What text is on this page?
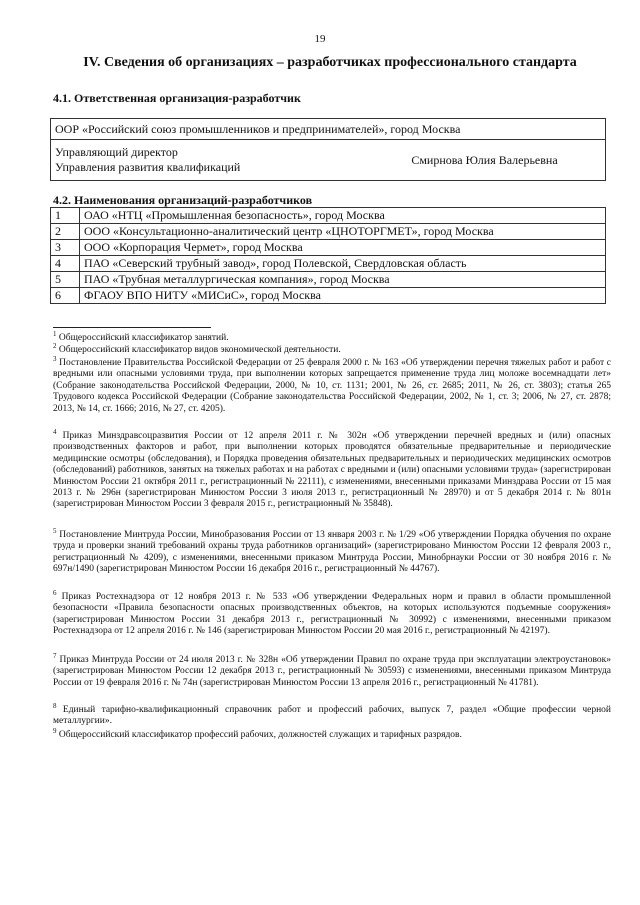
19
IV. Сведения об организациях – разработчиках профессионального стандарта
4.1. Ответственная организация-разработчик
ООР «Российский союз промышленников и предпринимателей», город Москва

Управляющий директор
Управления развития квалификаций
	Смирнова Юлия Валерьевна
4.2. Наименования организаций-разработчиков
1	ОАО «НТЦ «Промышленная безопасность», город Москва
2	ООО «Консультационно-аналитический центр «ЦНОТОРГМЕТ», город Москва
3	ООО «Корпорация Чермет», город Москва
4	ПАО «Северский трубный завод», город Полевской, Свердловская область
5	ПАО «Трубная металлургическая компания», город Москва
6	ФГАОУ ВПО НИТУ «МИСиС», город Москва
$^1$ Общероссийский классификатор занятий.
$^2$ Общероссийский классификатор видов экономической деятельности.
$^3$ Постановление Правительства Российской Федерации от 25 февраля 2000 г. № 163 «Об утверждении перечня тяжелых работ и работ с вредными или опасными условиями труда, при выполнении которых запрещается применение труда лиц моложе восемнадцати лет» (Собрание законодательства Российской Федерации, 2000, № 10, ст. 1131; 2001, № 26, ст. 2685; 2011, № 26, ст. 3803); статья 265 Трудового кодекса Российской Федерации (Собрание законодательства Российской Федерации, 2002, № 1, ст. 3; 2006, № 27, ст. 2878; 2013, № 14, ст. 1666; 2016, № 27, ст. 4205).
$^4$ Приказ Минздравсоцразвития России от 12 апреля 2011 г. № 302н «Об утверждении перечней вредных и (или) опасных производственных факторов и работ, при выполнении которых проводятся обязательные предварительные и периодические медицинские осмотры (обследования), и Порядка проведения обязательных предварительных и периодических медицинских осмотров (обследований) работников, занятых на тяжелых работах и на работах с вредными и (или) опасными условиями труда» (зарегистрирован Минюстом России 21 октября 2011 г., регистрационный № 22111), с изменениями, внесенными приказами Минздрава России от 15 мая 2013 г. № 296н (зарегистрирован Минюстом России 3 июля 2013 г., регистрационный № 28970) и от 5 декабря 2014 г. № 801н (зарегистрирован Минюстом России 3 февраля 2015 г., регистрационный № 35848).
$^5$ Постановление Минтруда России, Минобразования России от 13 января 2003 г. № 1/29 «Об утверждении Порядка обучения по охране труда и проверки знаний требований охраны труда работников организаций» (зарегистрировано Минюстом России 12 февраля 2003 г., регистрационный № 4209), с изменениями, внесенными приказом Минтруда России, Минобрнауки России от 30 ноября 2016 г. № 697н/1490 (зарегистрирован Минюстом России 16 декабря 2016 г., регистрационный № 44767).
$^6$ Приказ Ростехнадзора от 12 ноября 2013 г. № 533 «Об утверждении Федеральных норм и правил в области промышленной безопасности «Правила безопасности опасных производственных объектов, на которых используются подъемные сооружения» (зарегистрирован Минюстом России 31 декабря 2013 г., регистрационный № 30992) с изменениями, внесенными приказом Ростехнадзора от 12 апреля 2016 г. № 146 (зарегистрирован Минюстом России 20 мая 2016 г., регистрационный № 42197).
$^7$ Приказ Минтруда России от 24 июля 2013 г. № 328н «Об утверждении Правил по охране труда при эксплуатации электроустановок» (зарегистрирован Минюстом России 12 декабря 2013 г., регистрационный № 30593) с изменениями, внесенными приказом Минтруда России от 19 февраля 2016 г. № 74н (зарегистрирован Минюстом России 13 апреля 2016 г., регистрационный № 41781).
$^8$ Единый тарифно-квалификационный справочник работ и профессий рабочих, выпуск 7, раздел «Общие профессии черной металлургии».
$^9$ Общероссийский классификатор профессий рабочих, должностей служащих и тарифных разрядов.
